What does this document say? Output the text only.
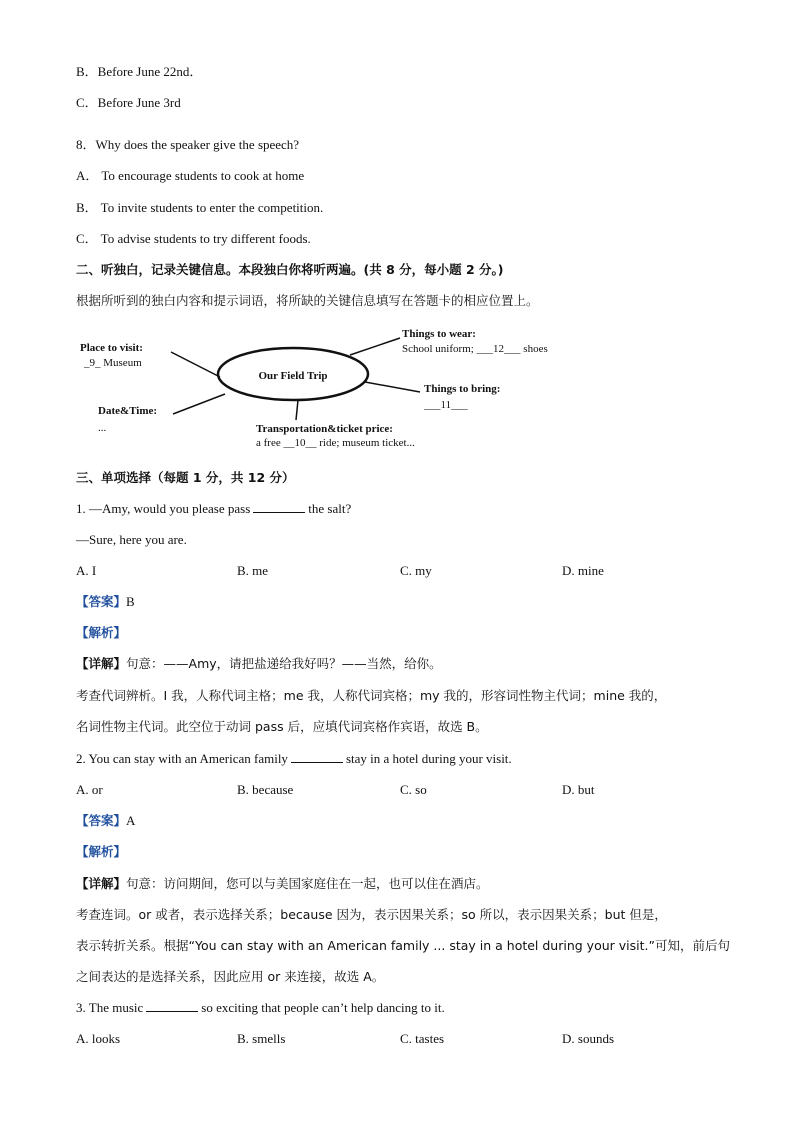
B．Before June 22nd．
C．Before June 3rd
8．Why does the speaker give the speech?
A． To encourage students to cook at home
B． To invite students to enter the competition.
C． To advise students to try different foods.
二、听独白，记录关键信息。本段独白你将听两遍。(共 8 分，每小题 2 分。)
根据所听到的独白内容和提示词语，将所缺的关键信息填写在答题卡的相应位置上。
Our Field Trip
Place to visit:
_9_ Museum
Date&Time:
...
Things to wear:
School uniform; ___12___ shoes
Things to bring:
___11___
Transportation&ticket price:
a free __10__ ride; museum ticket...
三、单项选择（每题 1 分，共 12 分）
1. —Amy, would you please pass	the salt?
—Sure, here you are.
A. I	B. me	C. my	D. mine
【答案】B
【解析】
【详解】句意：——Amy，请把盐递给我好吗？——当然，给你。
考查代词辨析。I 我，人称代词主格；me 我，人称代词宾格；my 我的，形容词性物主代词；mine 我的，
名词性物主代词。此空位于动词 pass 后，应填代词宾格作宾语，故选 B。
2. You can stay with an American family	stay in a hotel during your visit.
A. or	B. because	C. so	D. but
【答案】A
【解析】
【详解】句意：访问期间，您可以与美国家庭住在一起，也可以住在酒店。
考查连词。or 或者，表示选择关系；because 因为，表示因果关系；so 所以，表示因果关系；but 但是，
表示转折关系。根据“You can stay with an American family ... stay in a hotel during your visit.”可知，前后句
之间表达的是选择关系，因此应用 or 来连接，故选 A。
3. The music	so exciting that people can’t help dancing to it.
A. looks	B. smells	C. tastes	D. sounds
